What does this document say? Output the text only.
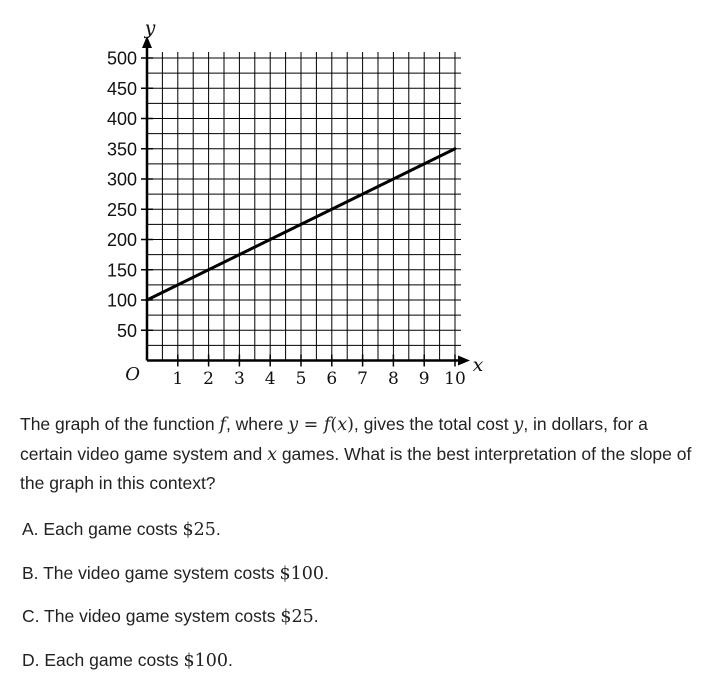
50
100
150
200
250
300
350
400
450
500
1 2 3 4 5 6 7 8 9 10
y
x
O
The graph of the function f, where y = f(x), gives the total cost y, in dollars, for a certain video game system and x games. What is the best interpretation of the slope of the graph in this context?
A. Each game costs $25.
B. The video game system costs $100.
C. The video game system costs $25.
D. Each game costs $100.
